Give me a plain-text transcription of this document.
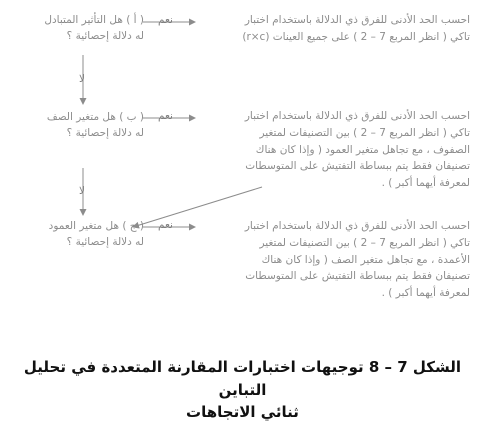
( أ ) هل التأثير المتبادل
له دلالة إحصائية ؟
نعم	احسب الحد الأدنى للفرق ذي الدلالة باستخدام اختبار
تاكي ( انظر المربع 7 – 2 ) على جميع العينات (r×c)
لا
( ب ) هل متغير الصف
له دلالة إحصائية ؟
نعم	احسب الحد الأدنى للفرق ذي الدلالة باستخدام اختبار
تاكي ( انظر المربع 7 – 2 ) بين التصنيفات لمتغير
الصفوف ، مع تجاهل متغير العمود ( وإذا كان هناك
تصنيفان فقط يتم ببساطة التفتيش على المتوسطات
لمعرفة أيهما أكبر ) .
لا
( ج ) هل متغير العمود
له دلالة إحصائية ؟
نعم	احسب الحد الأدنى للفرق ذي الدلالة باستخدام اختبار
تاكي ( انظر المربع 7 – 2 ) بين التصنيفات لمتغير
الأعمدة ، مع تجاهل متغير الصف ( وإذا كان هناك
تصنيفان فقط يتم ببساطة التفتيش على المتوسطات
لمعرفة أيهما أكبر ) .
الشكل 7 – 8 توجيهات اختبارات المقارنة المتعددة في تحليل التباين
ثنائي الاتجاهات
